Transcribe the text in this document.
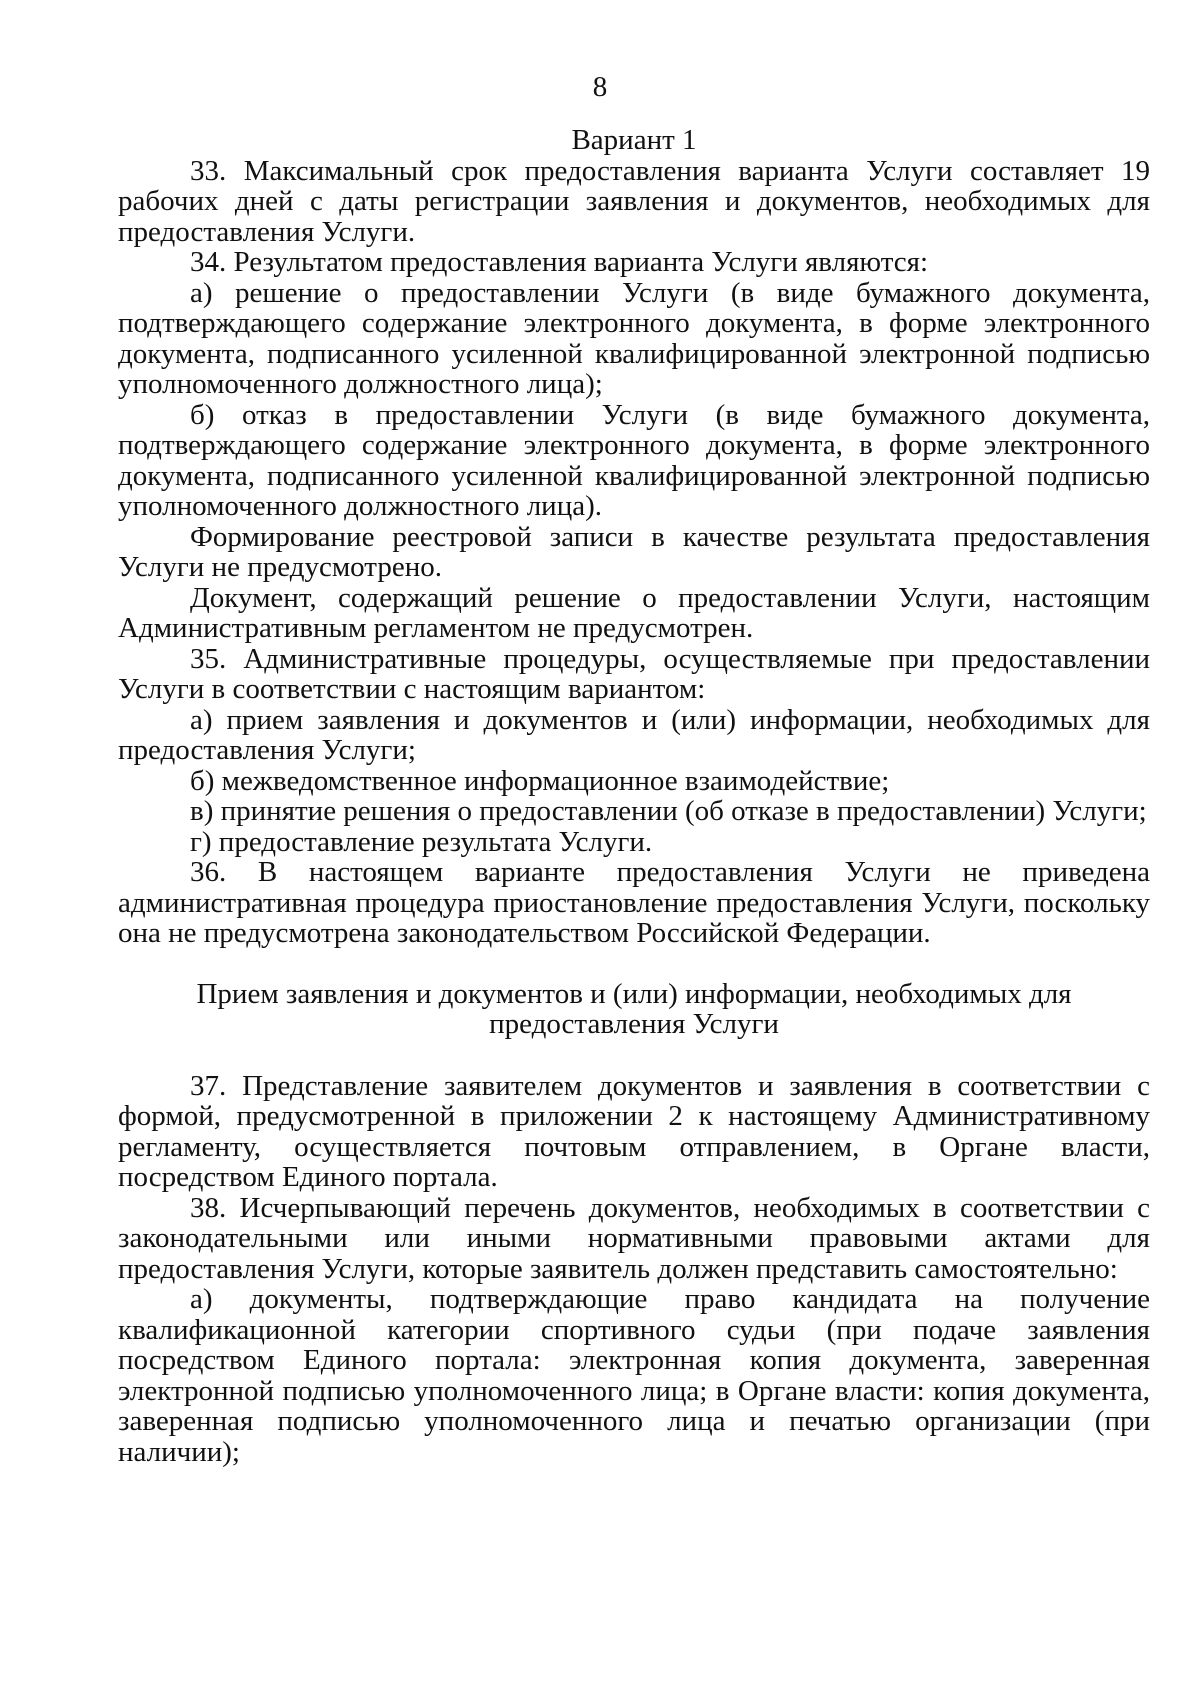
8
Вариант 1

33. Максимальный срок предоставления варианта Услуги составляет 19 рабочих дней с даты регистрации заявления и документов, необходимых для предоставления Услуги.

34. Результатом предоставления варианта Услуги являются:

а) решение о предоставлении Услуги (в виде бумажного документа, подтверждающего содержание электронного документа, в форме электронного документа, подписанного усиленной квалифицированной электронной подписью уполномоченного должностного лица);

б) отказ в предоставлении Услуги (в виде бумажного документа, подтверждающего содержание электронного документа, в форме электронного документа, подписанного усиленной квалифицированной электронной подписью уполномоченного должностного лица).

Формирование реестровой записи в качестве результата предоставления Услуги не предусмотрено.

Документ, содержащий решение о предоставлении Услуги, настоящим Административным регламентом не предусмотрен.

35. Административные процедуры, осуществляемые при предоставлении Услуги в соответствии с настоящим вариантом:

а) прием заявления и документов и (или) информации, необходимых для предоставления Услуги;

б) межведомственное информационное взаимодействие;

в) принятие решения о предоставлении (об отказе в предоставлении) Услуги;

г) предоставление результата Услуги.

36. В настоящем варианте предоставления Услуги не приведена административная процедура приостановление предоставления Услуги, поскольку она не предусмотрена законодательством Российской Федерации.

Прием заявления и документов и (или) информации, необходимых для предоставления Услуги

37. Представление заявителем документов и заявления в соответствии с формой, предусмотренной в приложении 2 к настоящему Административному регламенту, осуществляется почтовым отправлением, в Органе власти, посредством Единого портала.

38. Исчерпывающий перечень документов, необходимых в соответствии с законодательными или иными нормативными правовыми актами для предоставления Услуги, которые заявитель должен представить самостоятельно:

а) документы, подтверждающие право кандидата на получение квалификационной категории спортивного судьи (при подаче заявления посредством Единого портала: электронная копия документа, заверенная электронной подписью уполномоченного лица; в Органе власти: копия документа, заверенная подписью уполномоченного лица и печатью организации (при наличии);
